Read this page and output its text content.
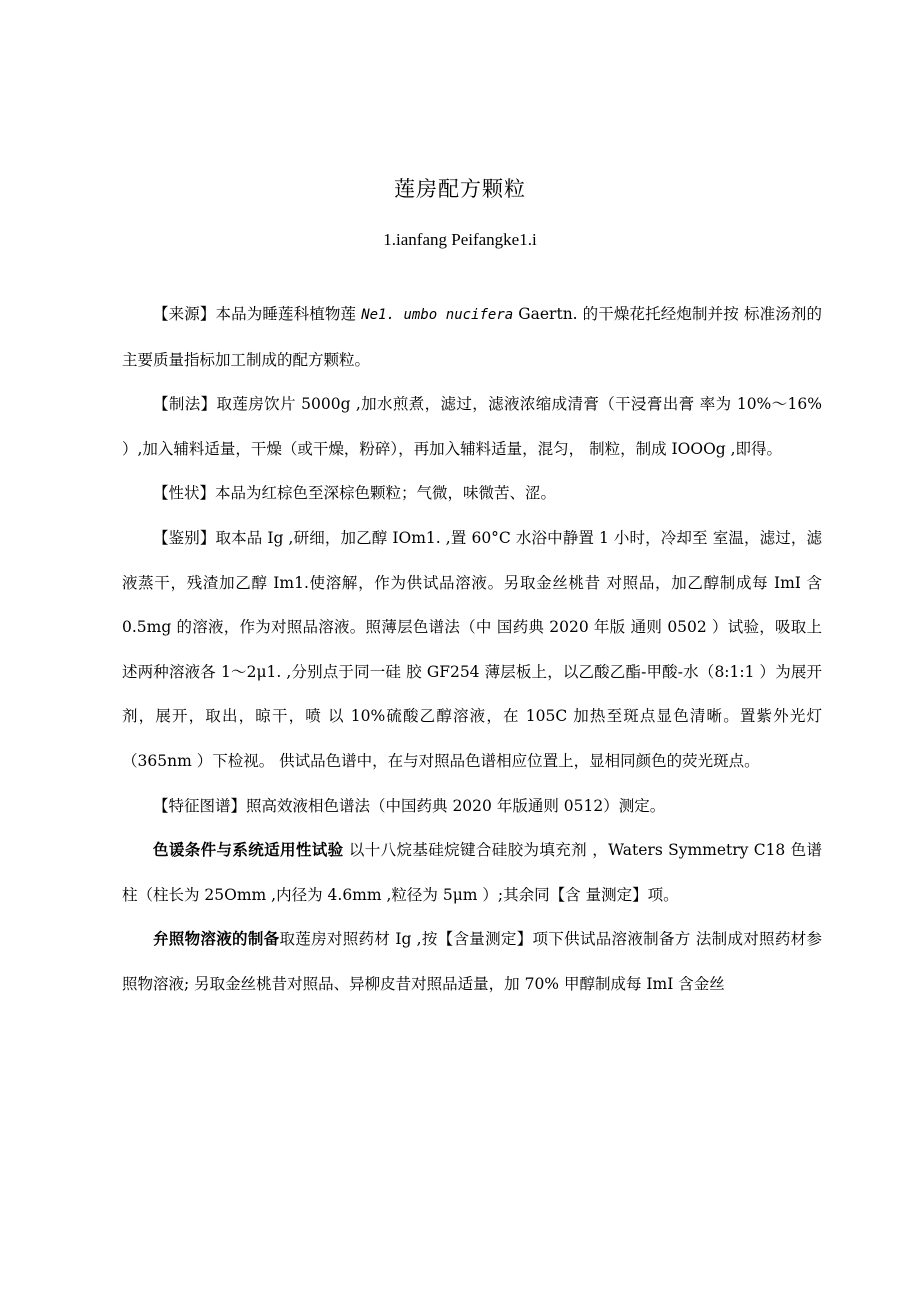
莲房配方颗粒
1.ianfang Peifangke1.i

【来源】本品为睡莲科植物莲 Ne1. umbo nucifera Gaertn. 的干燥花托经炮制并按 标准汤剂的主要质量指标加工制成的配方颗粒。

【制法】取莲房饮片 5000g ,加水煎煮，滤过，滤液浓缩成清膏（干浸膏出膏 率为 10%～16% ）,加入辅料适量，干燥（或干燥，粉碎），再加入辅料适量，混匀， 制粒，制成 IOOOg ,即得。

【性状】本品为红棕色至深棕色颗粒；气微，味微苦、涩。

【鉴别】取本品 Ig ,研细，加乙醇 IOm1. ,置 60°C 水浴中静置 1 小时，冷却至 室温，滤过，滤液蒸干，残渣加乙醇 Im1.使溶解，作为供试品溶液。另取金丝桃昔 对照品，加乙醇制成每 ImI 含 0.5mg 的溶液，作为对照品溶液。照薄层色谱法（中 国药典 2020 年版 通则 0502 ）试验，吸取上述两种溶液各 1～2μ1. ,分别点于同一硅 胶 GF254 薄层板上，以乙酸乙酯-甲酸-水（8:1:1 ）为展开剂，展开，取出，晾干，喷 以 10%硫酸乙醇溶液，在 105C 加热至斑点显色清晰。置紫外光灯（365nm ）下检视。 供试品色谱中，在与对照品色谱相应位置上，显相同颜色的荧光斑点。

【特征图谱】照高效液相色谱法（中国药典 2020 年版通则 0512）测定。

色谖条件与系统适用性试验 以十八烷基硅烷键合硅胶为填充剂 ，Waters Symmetry C18 色谱柱（柱长为 25Omm ,内径为 4.6mm ,粒径为 5μm ）;其余同【含 量测定】项。

弁照物溶液的制备取莲房对照药材 Ig ,按【含量测定】项下供试品溶液制备方 法制成对照药材参照物溶液; 另取金丝桃昔对照品、异柳皮昔对照品适量，加 70% 甲醇制成每 ImI 含金丝
